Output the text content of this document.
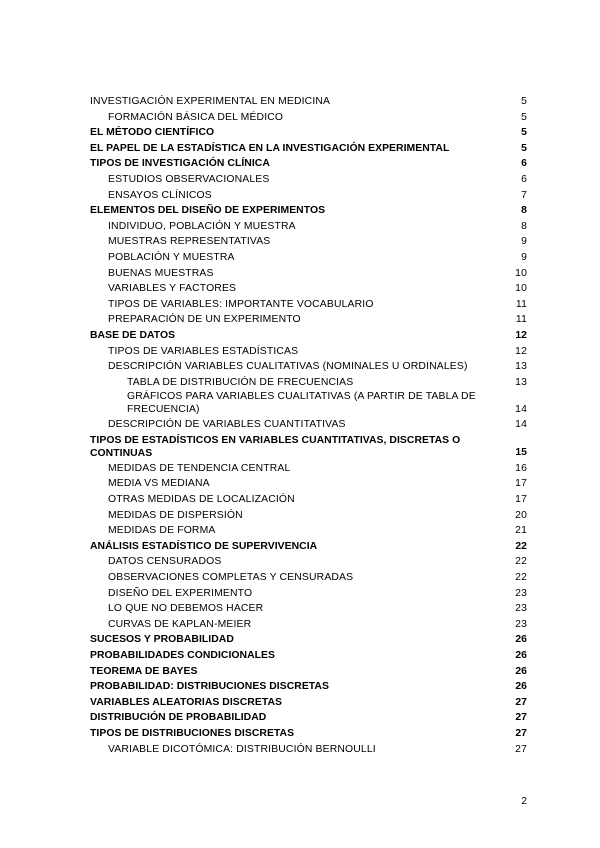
INVESTIGACIÓN EXPERIMENTAL EN MEDICINA	5
FORMACIÓN BÁSICA DEL MÉDICO	5
EL MÉTODO CIENTÍFICO	5
EL PAPEL DE LA ESTADÍSTICA EN LA INVESTIGACIÓN EXPERIMENTAL	5
TIPOS DE INVESTIGACIÓN CLÍNICA	6
ESTUDIOS OBSERVACIONALES	6
ENSAYOS CLÍNICOS	7
ELEMENTOS DEL DISEÑO DE EXPERIMENTOS	8
INDIVIDUO, POBLACIÓN Y MUESTRA	8
MUESTRAS REPRESENTATIVAS	9
POBLACIÓN Y MUESTRA	9
BUENAS MUESTRAS	10
VARIABLES Y FACTORES	10
TIPOS DE VARIABLES: IMPORTANTE VOCABULARIO	11
PREPARACIÓN DE UN EXPERIMENTO	11
BASE DE DATOS	12
TIPOS DE VARIABLES ESTADÍSTICAS	12
DESCRIPCIÓN VARIABLES CUALITATIVAS (NOMINALES U ORDINALES)	13
TABLA DE DISTRIBUCIÓN DE FRECUENCIAS	13
GRÁFICOS PARA VARIABLES CUALITATIVAS (A PARTIR DE TABLA DE FRECUENCIA)	14
DESCRIPCIÓN DE VARIABLES CUANTITATIVAS	14
TIPOS DE ESTADÍSTICOS EN VARIABLES CUANTITATIVAS, DISCRETAS O CONTINUAS	15
MEDIDAS DE TENDENCIA CENTRAL	16
MEDIA VS MEDIANA	17
OTRAS MEDIDAS DE LOCALIZACIÓN	17
MEDIDAS DE DISPERSIÓN	20
MEDIDAS DE FORMA	21
ANÁLISIS ESTADÍSTICO DE SUPERVIVENCIA	22
DATOS CENSURADOS	22
OBSERVACIONES COMPLETAS Y CENSURADAS	22
DISEÑO DEL EXPERIMENTO	23
LO QUE NO DEBEMOS HACER	23
CURVAS DE KAPLAN-MEIER	23
SUCESOS Y PROBABILIDAD	26
PROBABILIDADES CONDICIONALES	26
TEOREMA DE BAYES	26
PROBABILIDAD: DISTRIBUCIONES DISCRETAS	26
VARIABLES ALEATORIAS DISCRETAS	27
DISTRIBUCIÓN DE PROBABILIDAD	27
TIPOS DE DISTRIBUCIONES DISCRETAS	27
VARIABLE DICOTÓMICA: DISTRIBUCIÓN BERNOULLI	27
2
